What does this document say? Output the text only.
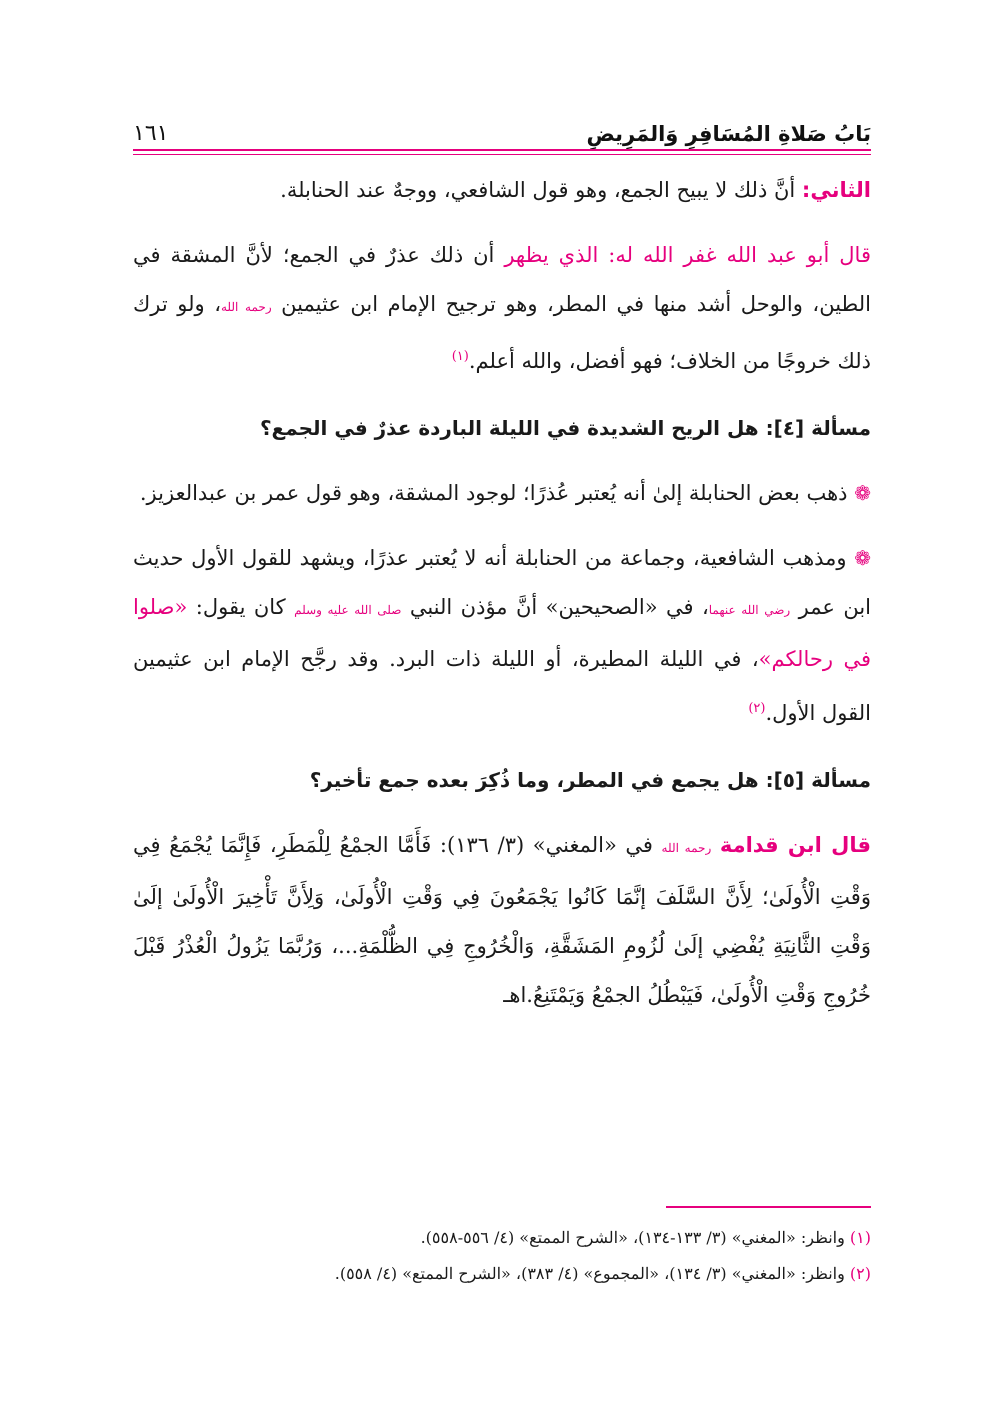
بَابُ صَلاةِ المُسَافِرِ وَالمَرِيضِ
١٦١

الثاني: أنَّ ذلك لا يبيح الجمع، وهو قول الشافعي، ووجهٌ عند الحنابلة.

قال أبو عبد الله غفر الله له: الذي يظهر أن ذلك عذرٌ في الجمع؛ لأنَّ المشقة في الطين، والوحل أشد منها في المطر، وهو ترجيح الإمام ابن عثيمين رحمه الله، ولو ترك ذلك خروجًا من الخلاف؛ فهو أفضل، والله أعلم.$^{(١)}$

مسألة [٤]: هل الريح الشديدة في الليلة الباردة عذرٌ في الجمع؟

❁ ذهب بعض الحنابلة إلىٰ أنه يُعتبر عُذرًا؛ لوجود المشقة، وهو قول عمر بن عبدالعزيز.

❁ ومذهب الشافعية، وجماعة من الحنابلة أنه لا يُعتبر عذرًا، ويشهد للقول الأول حديث ابن عمر رضي الله عنهما، في «الصحيحين» أنَّ مؤذن النبي صلى الله عليه وسلم كان يقول: «صلوا في رحالكم»، في الليلة المطيرة، أو الليلة ذات البرد. وقد رجَّح الإمام ابن عثيمين القول الأول.$^{(٢)}$

مسألة [٥]: هل يجمع في المطر، وما ذُكِرَ بعده جمع تأخير؟

قال ابن قدامة رحمه الله في «المغني» (٣/ ١٣٦): فَأَمَّا الجمْعُ لِلْمَطَرِ، فَإِنَّمَا يُجْمَعُ فِي وَقْتِ الْأُولَىٰ؛ لِأَنَّ السَّلَفَ إنَّمَا كَانُوا يَجْمَعُونَ فِي وَقْتِ الْأُولَىٰ، وَلِأَنَّ تَأْخِيرَ الْأُولَىٰ إلَىٰ وَقْتِ الثَّانِيَةِ يُفْضِي إلَىٰ لُزُومِ المَشَقَّةِ، وَالْخُرُوجِ فِي الظُّلْمَةِ...، وَرُبَّمَا يَزُولُ الْعُذْرُ قَبْلَ خُرُوجِ وَقْتِ الْأُولَىٰ، فَيَبْطُلُ الجمْعُ وَيَمْتَنِعُ.اهـ

(١) وانظر: «المغني» (٣/ ١٣٣-١٣٤)، «الشرح الممتع» (٤/ ٥٥٦-٥٥٨).
(٢) وانظر: «المغني» (٣/ ١٣٤)، «المجموع» (٤/ ٣٨٣)، «الشرح الممتع» (٤/ ٥٥٨).
